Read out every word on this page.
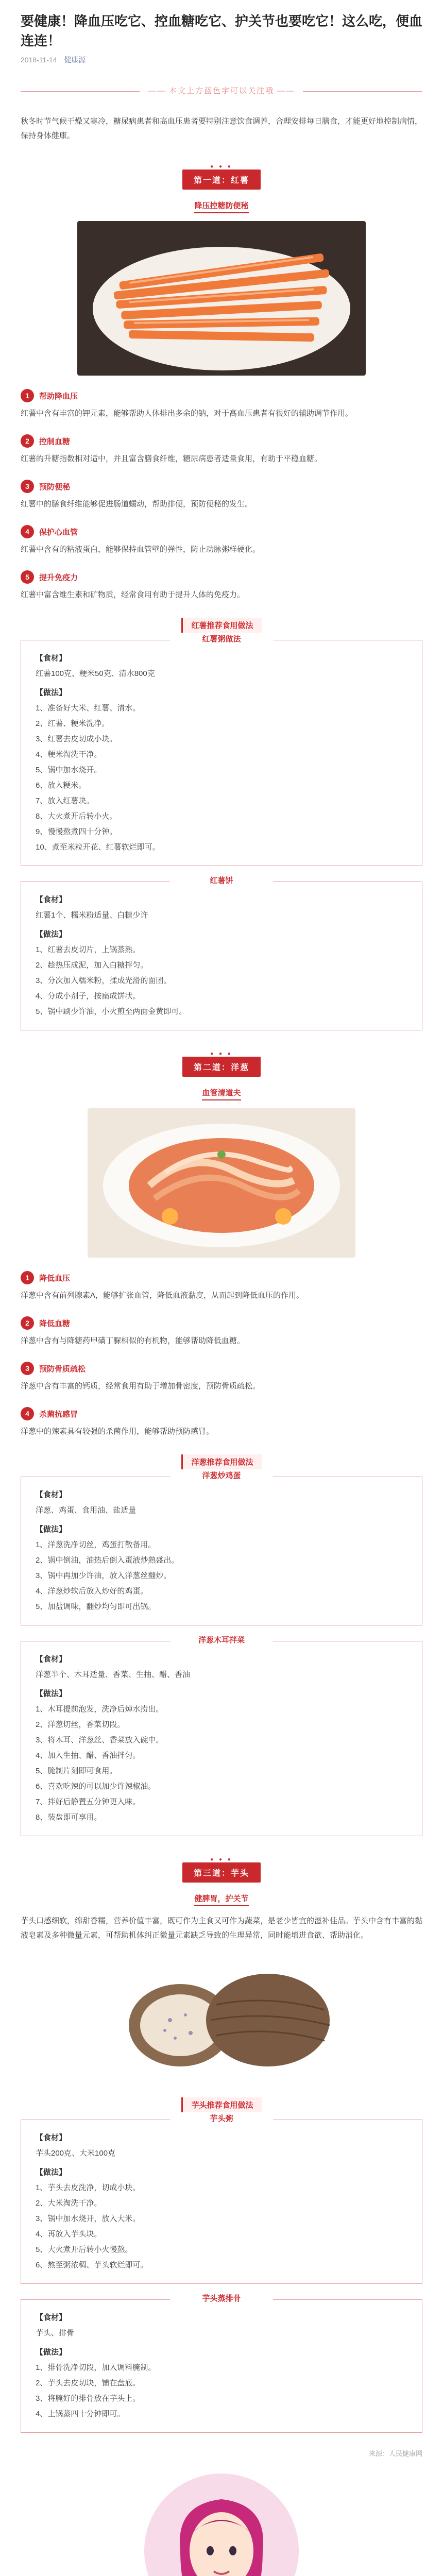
要健康！降血压吃它、控血糖吃它、护关节也要吃它！这么吃，便血连连！
2018-11-14 健康源
—— 本文上方蓝色字可以关注哦 ——

秋冬时节气候干燥又寒冷，糖尿病患者和高血压患者要特别注意饮食调养，合理安排每日膳食，才能更好地控制病情，保持身体健康。

● ● ●
第一道：红薯
降压控糖防便秘
1	帮助降血压

红薯中含有丰富的钾元素，能够帮助人体排出多余的钠，对于高血压患者有很好的辅助调节作用。

2	控制血糖

红薯的升糖指数相对适中，并且富含膳食纤维，糖尿病患者适量食用，有助于平稳血糖。

3	预防便秘

红薯中的膳食纤维能够促进肠道蠕动，帮助排便，预防便秘的发生。

4	保护心血管

红薯中含有的粘液蛋白，能够保持血管壁的弹性，防止动脉粥样硬化。

5	提升免疫力

红薯中富含维生素和矿物质，经常食用有助于提升人体的免疫力。

红薯推荐食用做法
红薯粥做法
【食材】
红薯100克、粳米50克、清水800克
【做法】
1、准备好大米、红薯、清水。
2、红薯、粳米洗净。
3、红薯去皮切成小块。
4、粳米淘洗干净。
5、锅中加水烧开。
6、放入粳米。
7、放入红薯块。
8、大火煮开后转小火。
9、慢慢熬煮四十分钟。
10、煮至米粒开花、红薯软烂即可。
红薯饼
【食材】
红薯1个、糯米粉适量、白糖少许
【做法】
1、红薯去皮切片，上锅蒸熟。
2、趁热压成泥，加入白糖拌匀。
3、分次加入糯米粉，揉成光滑的面团。
4、分成小剂子，按扁成饼状。
5、锅中刷少许油，小火煎至两面金黄即可。
● ● ●
第二道：洋葱
血管清道夫
1	降低血压

洋葱中含有前列腺素A，能够扩张血管，降低血液黏度，从而起到降低血压的作用。

2	降低血糖

洋葱中含有与降糖药甲磺丁脲相似的有机物，能够帮助降低血糖。

3	预防骨质疏松

洋葱中含有丰富的钙质，经常食用有助于增加骨密度，预防骨质疏松。

4	杀菌抗感冒

洋葱中的辣素具有较强的杀菌作用，能够帮助预防感冒。

洋葱推荐食用做法
洋葱炒鸡蛋
【食材】
洋葱、鸡蛋、食用油、盐适量
【做法】
1、洋葱洗净切丝，鸡蛋打散备用。
2、锅中倒油，油热后倒入蛋液炒熟盛出。
3、锅中再加少许油，放入洋葱丝翻炒。
4、洋葱炒软后放入炒好的鸡蛋。
5、加盐调味，翻炒均匀即可出锅。
洋葱木耳拌菜
【食材】
洋葱半个、木耳适量、香菜、生抽、醋、香油
【做法】
1、木耳提前泡发，洗净后焯水捞出。
2、洋葱切丝，香菜切段。
3、将木耳、洋葱丝、香菜放入碗中。
4、加入生抽、醋、香油拌匀。
5、腌制片刻即可食用。
6、喜欢吃辣的可以加少许辣椒油。
7、拌好后静置五分钟更入味。
8、装盘即可享用。
● ● ●
第三道：芋头
健脾胃，护关节

芋头口感细软，绵甜香糯，营养价值丰富，既可作为主食又可作为蔬菜，是老少皆宜的滋补佳品。芋头中含有丰富的黏液皂素及多种微量元素，可帮助机体纠正微量元素缺乏导致的生理异常，同时能增进食欲、帮助消化。

芋头推荐食用做法
芋头粥
【食材】
芋头200克、大米100克
【做法】
1、芋头去皮洗净，切成小块。
2、大米淘洗干净。
3、锅中加水烧开，放入大米。
4、再放入芋头块。
5、大火煮开后转小火慢熬。
6、熬至粥浓稠、芋头软烂即可。
芋头蒸排骨
【食材】
芋头、排骨
【做法】
1、排骨洗净切段，加入调料腌制。
2、芋头去皮切块，铺在盘底。
3、将腌好的排骨放在芋头上。
4、上锅蒸四十分钟即可。
来源：人民健康网
